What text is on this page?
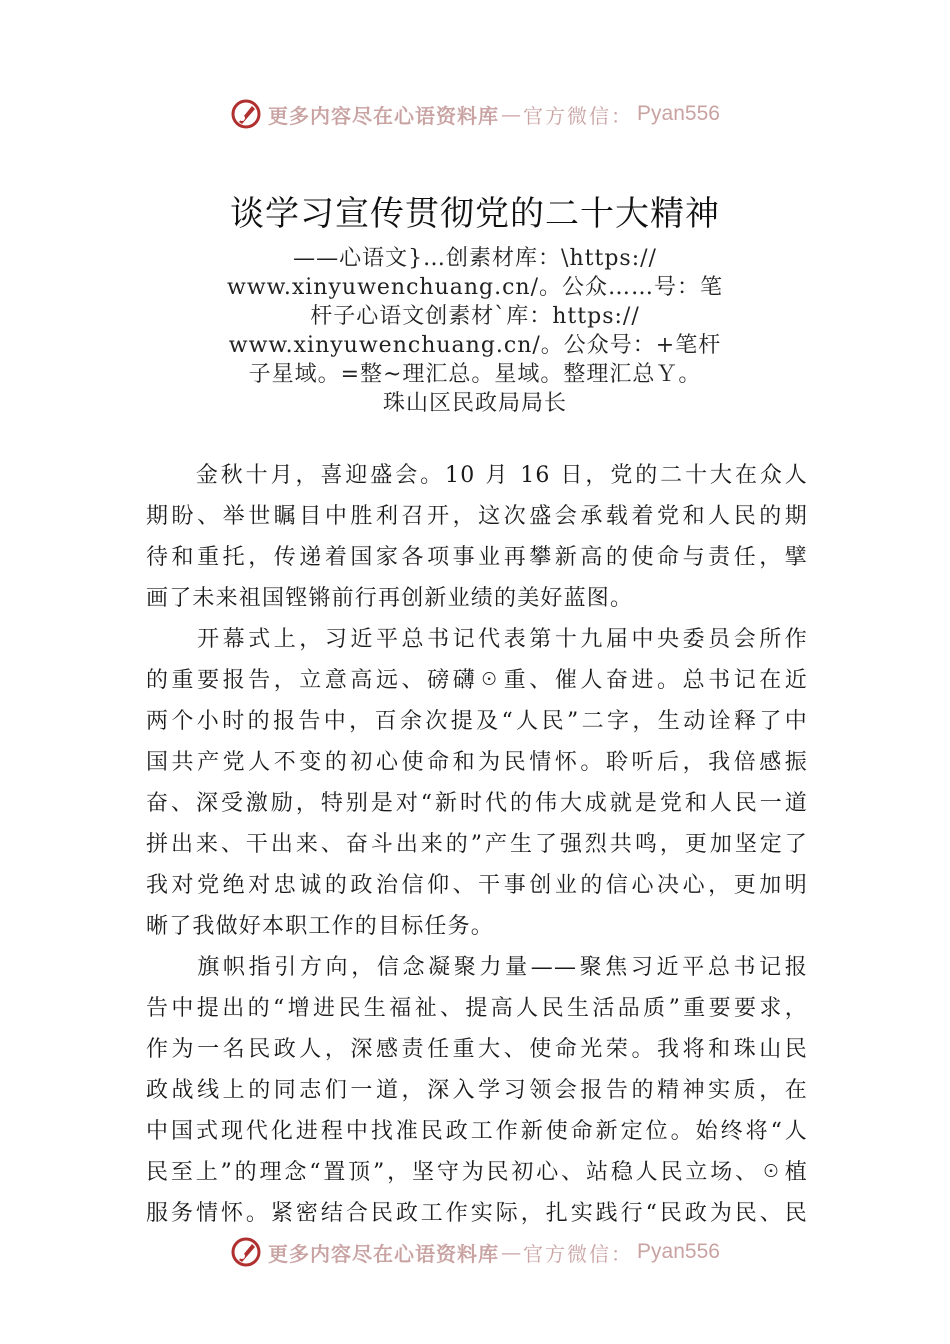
更多内容尽在心语资料库 — 官方微信： Pyan556
谈学习宣传贯彻党的二十大精神
——心语文}…创素材库：\https://
www.xinyuwenchuang.cn/。公众……号：笔
杆子心语文创素材`库：https://
www.xinyuwenchuang.cn/。公众号：+笔杆
子星域。=整~理汇总。星域。整理汇总Ｙ。
珠山区民政局局长
　　金秋十月，喜迎盛会。10 月 16 日，党的二十大在众人
期盼、举世瞩目中胜利召开，这次盛会承载着党和人民的期
待和重托，传递着国家各项事业再攀新高的使命与责任，擘
画了未来祖国铿锵前行再创新业绩的美好蓝图。
　　开幕式上，习近平总书记代表第十九届中央委员会所作
的重要报告，立意高远、磅礴☉重、催人奋进。总书记在近
两个小时的报告中，百余次提及“人民”二字，生动诠释了中
国共产党人不变的初心使命和为民情怀。聆听后，我倍感振
奋、深受激励，特别是对“新时代的伟大成就是党和人民一道
拼出来、干出来、奋斗出来的”产生了强烈共鸣，更加坚定了
我对党绝对忠诚的政治信仰、干事创业的信心决心，更加明
晰了我做好本职工作的目标任务。
　　旗帜指引方向，信念凝聚力量——聚焦习近平总书记报
告中提出的“增进民生福祉、提高人民生活品质”重要要求，
作为一名民政人，深感责任重大、使命光荣。我将和珠山民
政战线上的同志们一道，深入学习领会报告的精神实质，在
中国式现代化进程中找准民政工作新使命新定位。始终将“人
民至上”的理念“置顶”，坚守为民初心、站稳人民立场、☉植
服务情怀。紧密结合民政工作实际，扎实践行“民政为民、民
更多内容尽在心语资料库 — 官方微信： Pyan556
